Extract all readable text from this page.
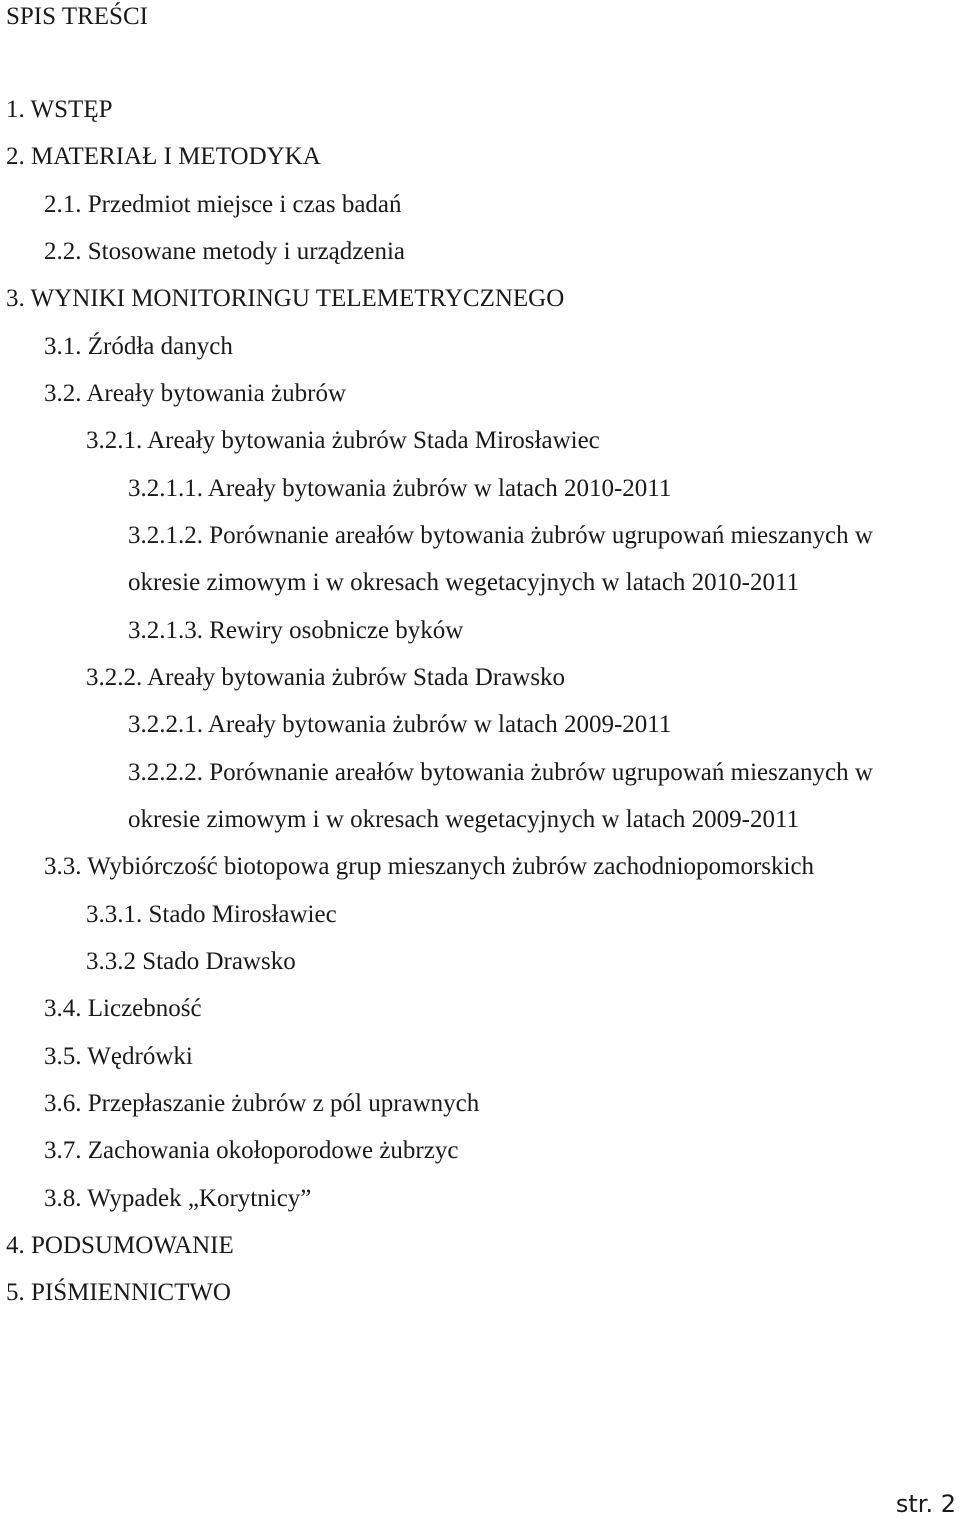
SPIS TREŚCI
1. WSTĘP
2. MATERIAŁ I METODYKA
2.1. Przedmiot miejsce i czas badań
2.2. Stosowane metody i urządzenia
3. WYNIKI MONITORINGU TELEMETRYCZNEGO
3.1. Źródła danych
3.2. Areały bytowania żubrów
3.2.1. Areały bytowania żubrów Stada Mirosławiec
3.2.1.1. Areały bytowania żubrów w latach 2010-2011
3.2.1.2. Porównanie areałów bytowania żubrów ugrupowań mieszanych w
okresie zimowym i w okresach wegetacyjnych w latach 2010-2011
3.2.1.3. Rewiry osobnicze byków
3.2.2. Areały bytowania żubrów Stada Drawsko
3.2.2.1. Areały bytowania żubrów w latach 2009-2011
3.2.2.2. Porównanie areałów bytowania żubrów ugrupowań mieszanych w
okresie zimowym i w okresach wegetacyjnych w latach 2009-2011
3.3. Wybiórczość biotopowa grup mieszanych żubrów zachodniopomorskich
3.3.1. Stado Mirosławiec
3.3.2 Stado Drawsko
3.4. Liczebność
3.5. Wędrówki
3.6. Przepłaszanie żubrów z pól uprawnych
3.7. Zachowania okołoporodowe żubrzyc
3.8. Wypadek „Korytnicy”
4. PODSUMOWANIE
5. PIŚMIENNICTWO
str. 2
